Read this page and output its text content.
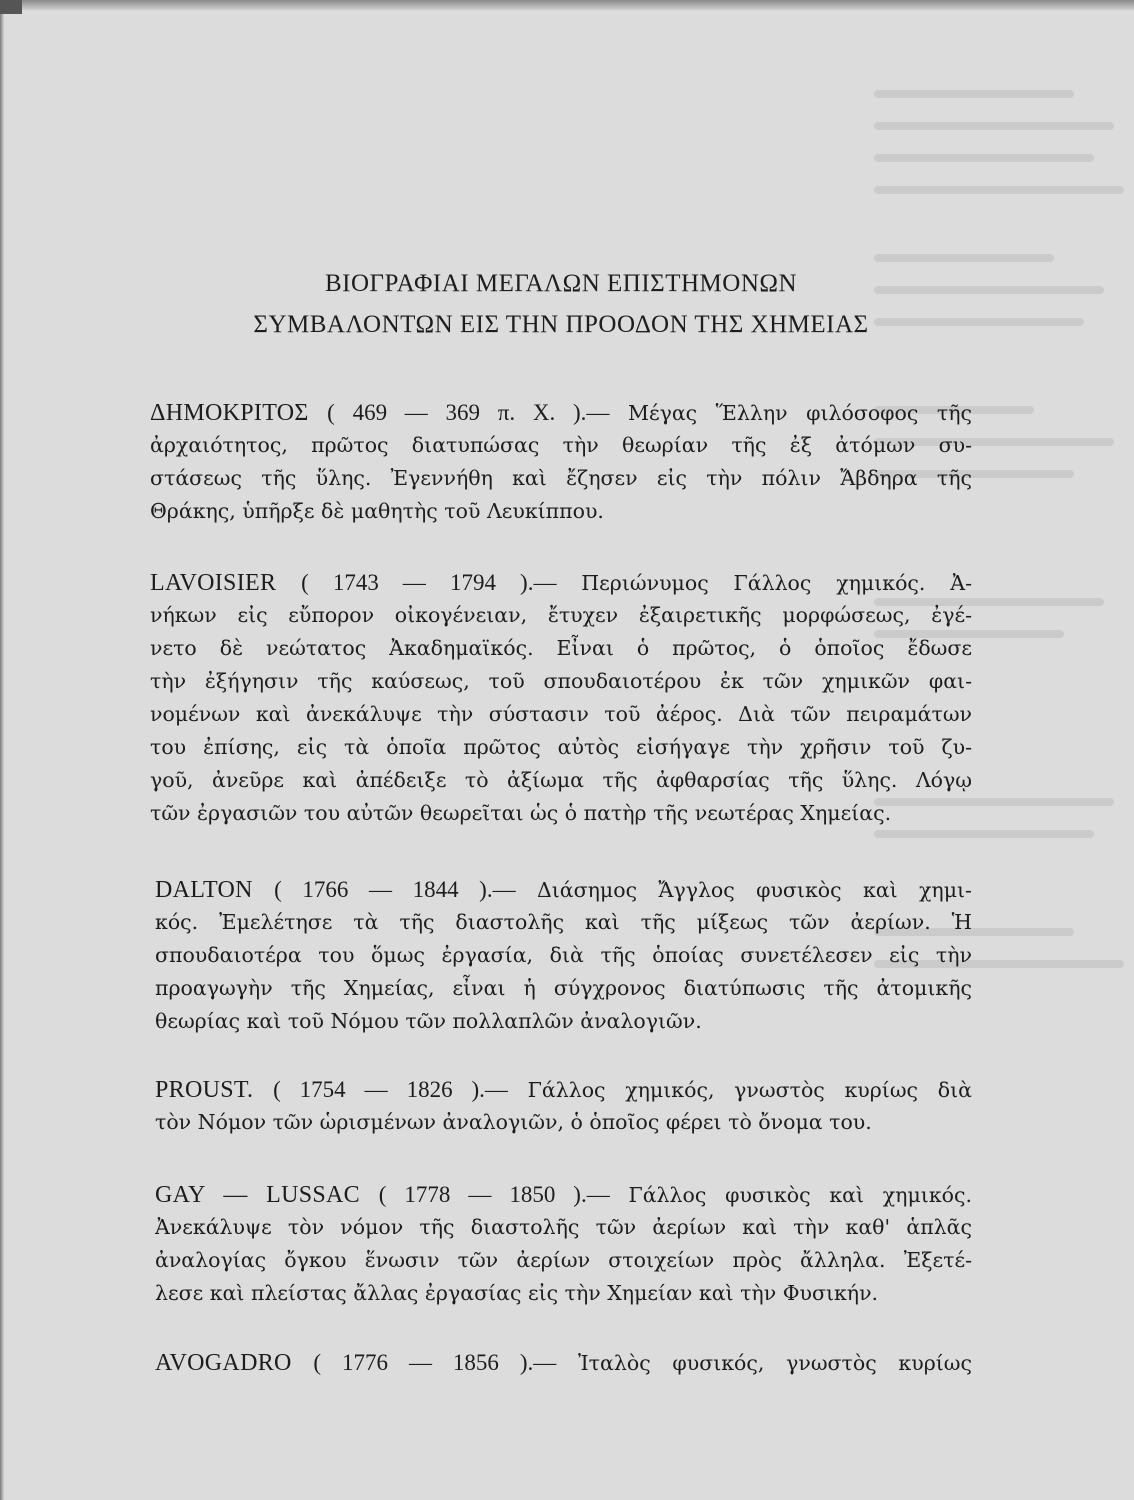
ΒΙΟΓΡΑΦΙΑΙ ΜΕΓΑΛΩΝ ΕΠΙΣΤΗΜΟΝΩΝ
ΣΥΜΒΑΛΟΝΤΩΝ ΕΙΣ ΤΗΝ ΠΡΟΟΔΟΝ ΤΗΣ ΧΗΜΕΙΑΣ
ΔΗΜΟΚΡΙΤΟΣ ( 469 — 369 π. Χ. ).— Μέγας Ἕλλην φιλόσοφος τῆς
ἀρχαιότητος, πρῶτος διατυπώσας τὴν θεωρίαν τῆς ἐξ ἀτόμων συ-
στάσεως τῆς ὕλης. Ἐγεννήθη καὶ ἔζησεν εἰς τὴν πόλιν Ἄβδηρα τῆς
Θράκης, ὑπῆρξε δὲ μαθητὴς τοῦ Λευκίππου.
LAVOISIER ( 1743 — 1794 ).— Περιώνυμος Γάλλος χημικός. Ἀ-
νήκων εἰς εὔπορον οἰκογένειαν, ἔτυχεν ἐξαιρετικῆς μορφώσεως, ἐγέ-
νετο δὲ νεώτατος Ἀκαδημαϊκός. Εἶναι ὁ πρῶτος, ὁ ὁποῖος ἔδωσε
τὴν ἐξήγησιν τῆς καύσεως, τοῦ σπουδαιοτέρου ἐκ τῶν χημικῶν φαι-
νομένων καὶ ἀνεκάλυψε τὴν σύστασιν τοῦ ἀέρος. Διὰ τῶν πειραμάτων
του ἐπίσης, εἰς τὰ ὁποῖα πρῶτος αὐτὸς εἰσήγαγε τὴν χρῆσιν τοῦ ζυ-
γοῦ, ἀνεῦρε καὶ ἀπέδειξε τὸ ἀξίωμα τῆς ἀφθαρσίας τῆς ὕλης. Λόγῳ
τῶν ἐργασιῶν του αὐτῶν θεωρεῖται ὡς ὁ πατὴρ τῆς νεωτέρας Χημείας.
DALTON ( 1766 — 1844 ).— Διάσημος Ἄγγλος φυσικὸς καὶ χημι-
κός. Ἐμελέτησε τὰ τῆς διαστολῆς καὶ τῆς μίξεως τῶν ἀερίων. Ἡ
σπουδαιοτέρα του ὅμως ἐργασία, διὰ τῆς ὁποίας συνετέλεσεν εἰς τὴν
προαγωγὴν τῆς Χημείας, εἶναι ἡ σύγχρονος διατύπωσις τῆς ἀτομικῆς
θεωρίας καὶ τοῦ Νόμου τῶν πολλαπλῶν ἀναλογιῶν.
PROUST. ( 1754 — 1826 ).— Γάλλος χημικός, γνωστὸς κυρίως διὰ
τὸν Νόμον τῶν ὡρισμένων ἀναλογιῶν, ὁ ὁποῖος φέρει τὸ ὄνομα του.
GAY — LUSSAC ( 1778 — 1850 ).— Γάλλος φυσικὸς καὶ χημικός.
Ἀνεκάλυψε τὸν νόμον τῆς διαστολῆς τῶν ἀερίων καὶ τὴν καθ' ἁπλᾶς
ἀναλογίας ὄγκου ἕνωσιν τῶν ἀερίων στοιχείων πρὸς ἄλληλα. Ἐξετέ-
λεσε καὶ πλείστας ἄλλας ἐργασίας εἰς τὴν Χημείαν καὶ τὴν Φυσικήν.
AVOGADRO ( 1776 — 1856 ).— Ἰταλὸς φυσικός, γνωστὸς κυρίως
